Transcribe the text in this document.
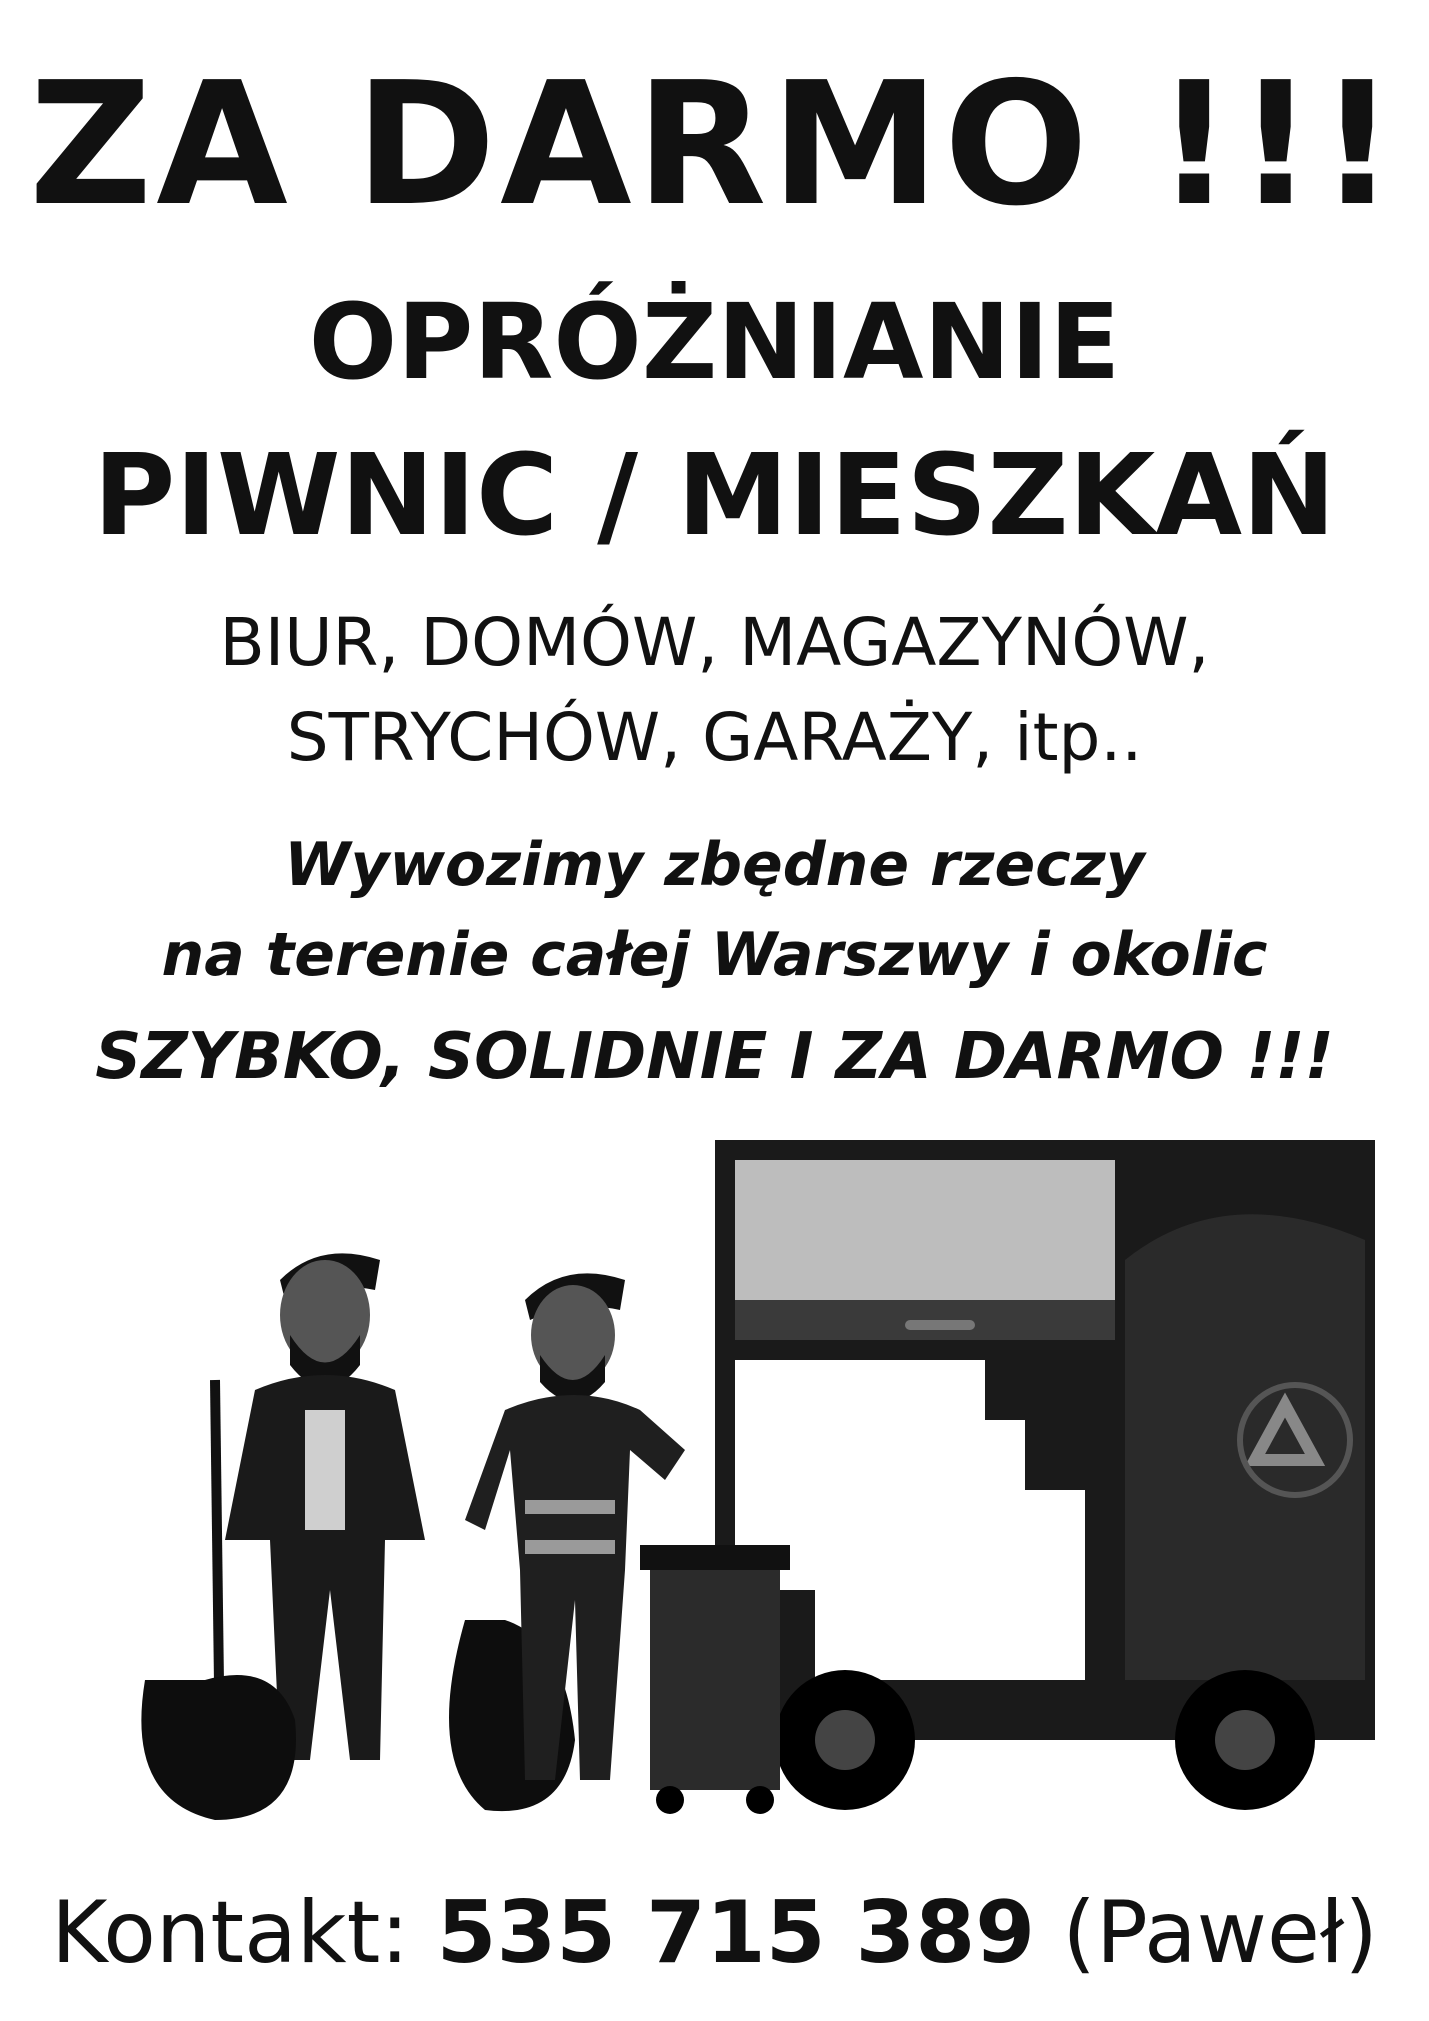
ZA DARMO !!!
OPRÓŻNIANIE
PIWNIC / MIESZKAŃ
BIUR, DOMÓW, MAGAZYNÓW,
STRYCHÓW, GARAŻY, itp..
Wywozimy zbędne rzeczy
na terenie całej Warszwy i okolic
SZYBKO, SOLIDNIE I ZA DARMO !!!
Kontakt: 535 715 389 (Paweł)
